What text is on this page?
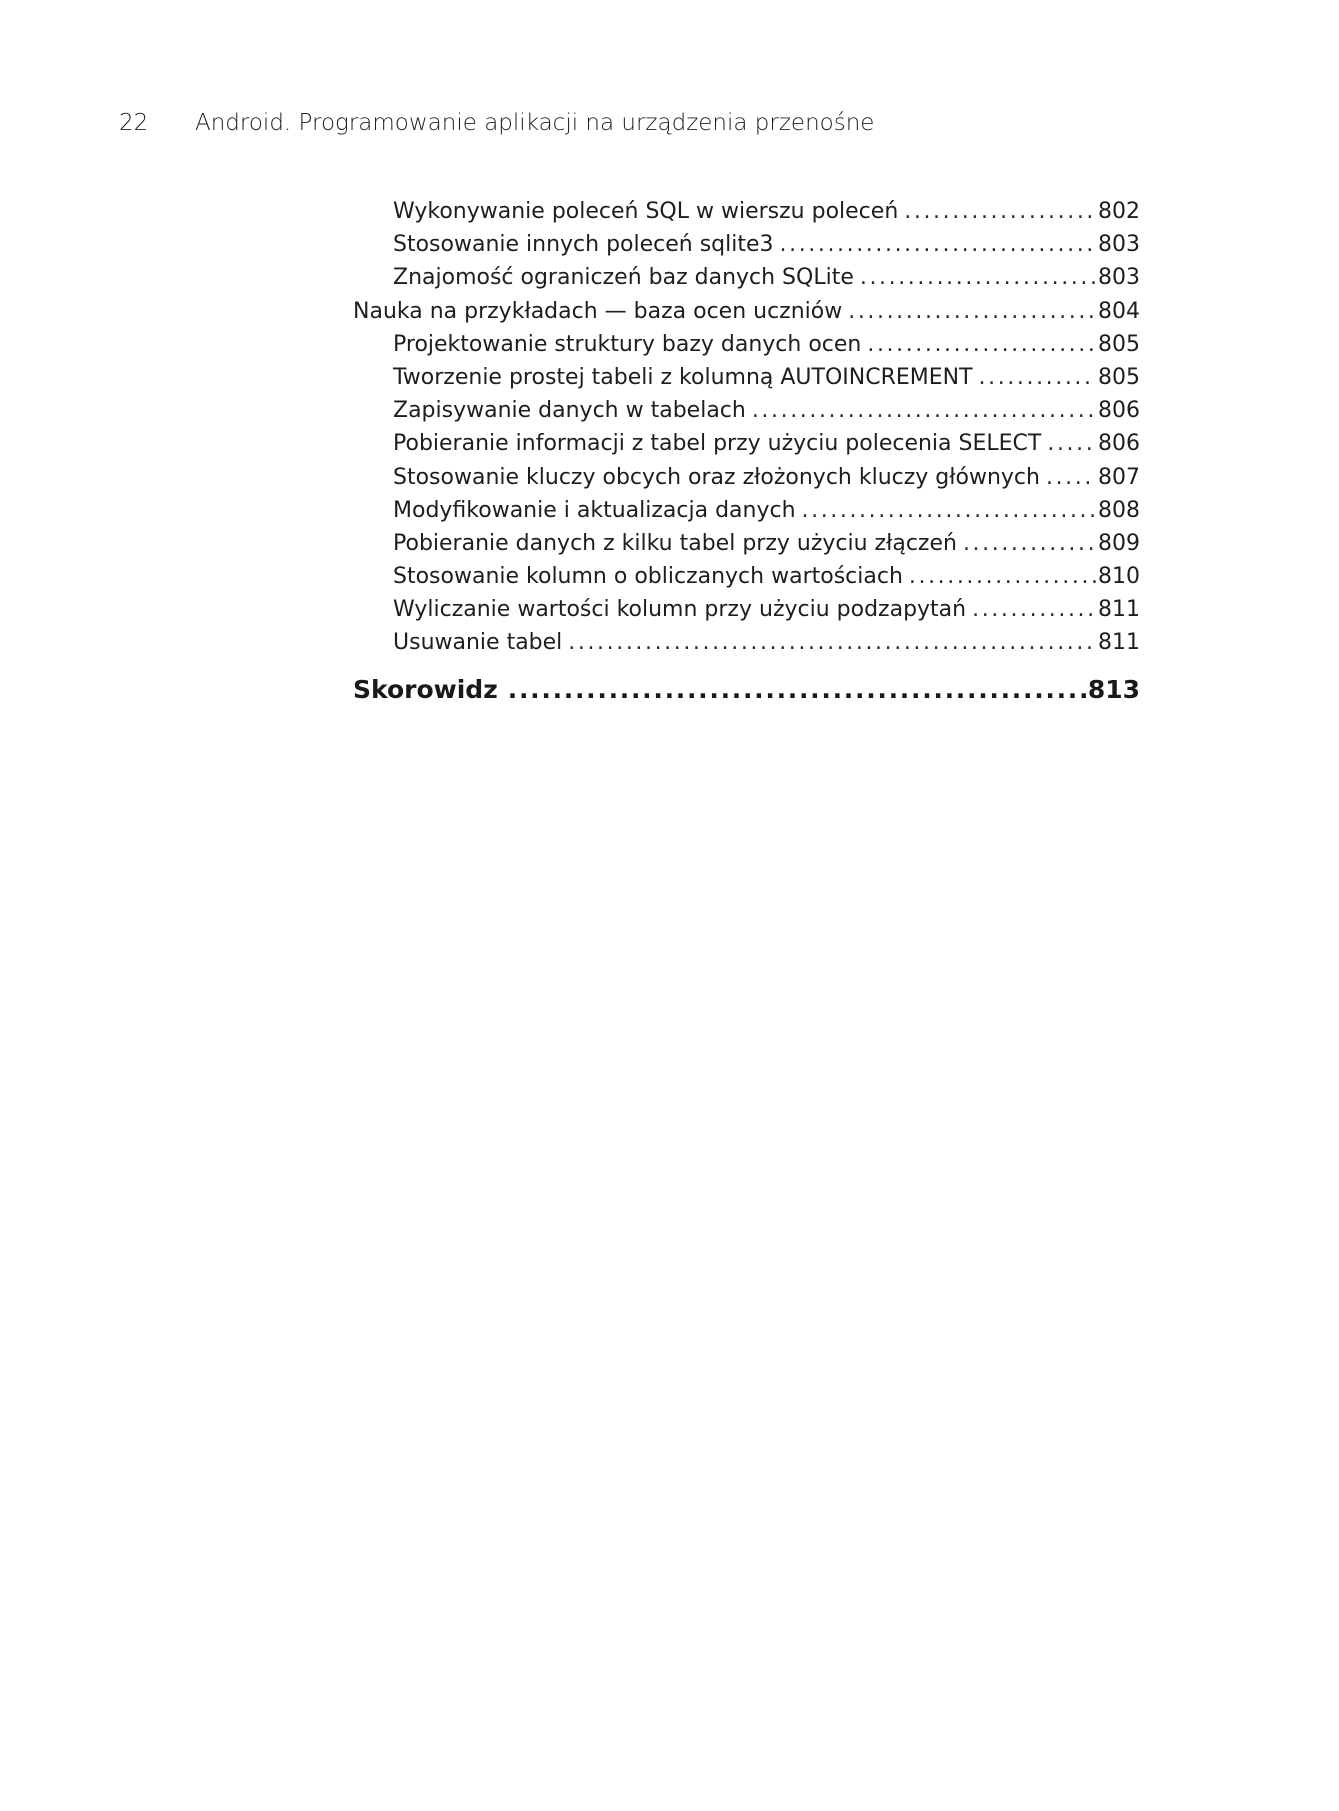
22 Android. Programowanie aplikacji na urządzenia przenośne
Wykonywanie poleceń SQL w wierszu poleceń . . .	802
Stosowanie innych poleceń sqlite3 . . .	803
Znajomość ograniczeń baz danych SQLite . . .	803
Nauka na przykładach — baza ocen uczniów . . .	804
Projektowanie struktury bazy danych ocen . . .	805
Tworzenie prostej tabeli z kolumną AUTOINCREMENT . . .	805
Zapisywanie danych w tabelach . . .	806
Pobieranie informacji z tabel przy użyciu polecenia SELECT . . .	806
Stosowanie kluczy obcych oraz złożonych kluczy głównych . . .	807
Modyfikowanie i aktualizacja danych . . .	808
Pobieranie danych z kilku tabel przy użyciu złączeń . . .	809
Stosowanie kolumn o obliczanych wartościach . . .	810
Wyliczanie wartości kolumn przy użyciu podzapytań . . .	811
Usuwanie tabel . . .	811
Skorowidz . . .	813
